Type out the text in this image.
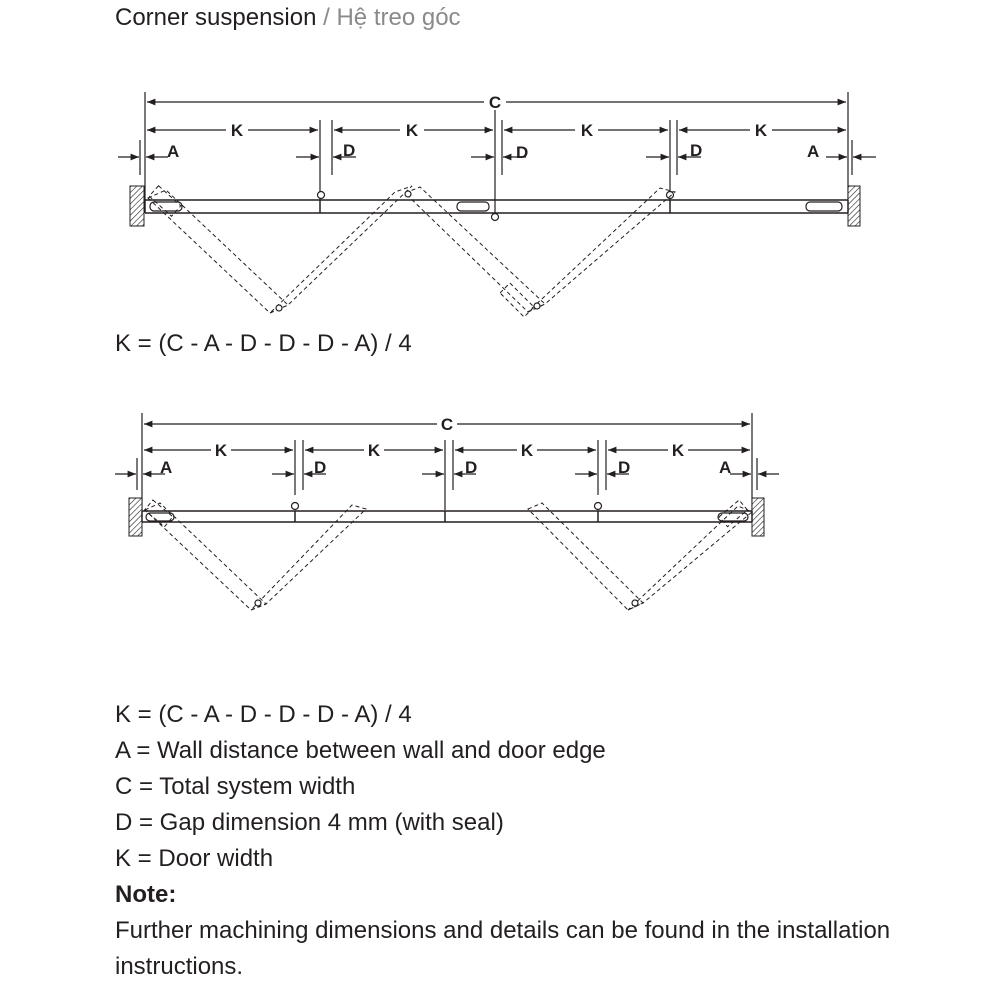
Corner suspension / Hệ treo góc
C
K	K	K	K
A	D	D	D	A
K = (C - A - D - D - D - A) / 4
C
K	K	K	K
A	D	D	D	A
K = (C - A - D - D - D - A) / 4
A = Wall distance between wall and door edge
C = Total system width
D = Gap dimension 4 mm (with seal)
K = Door width
Note:
Further machining dimensions and details can be found in the installation instructions.
